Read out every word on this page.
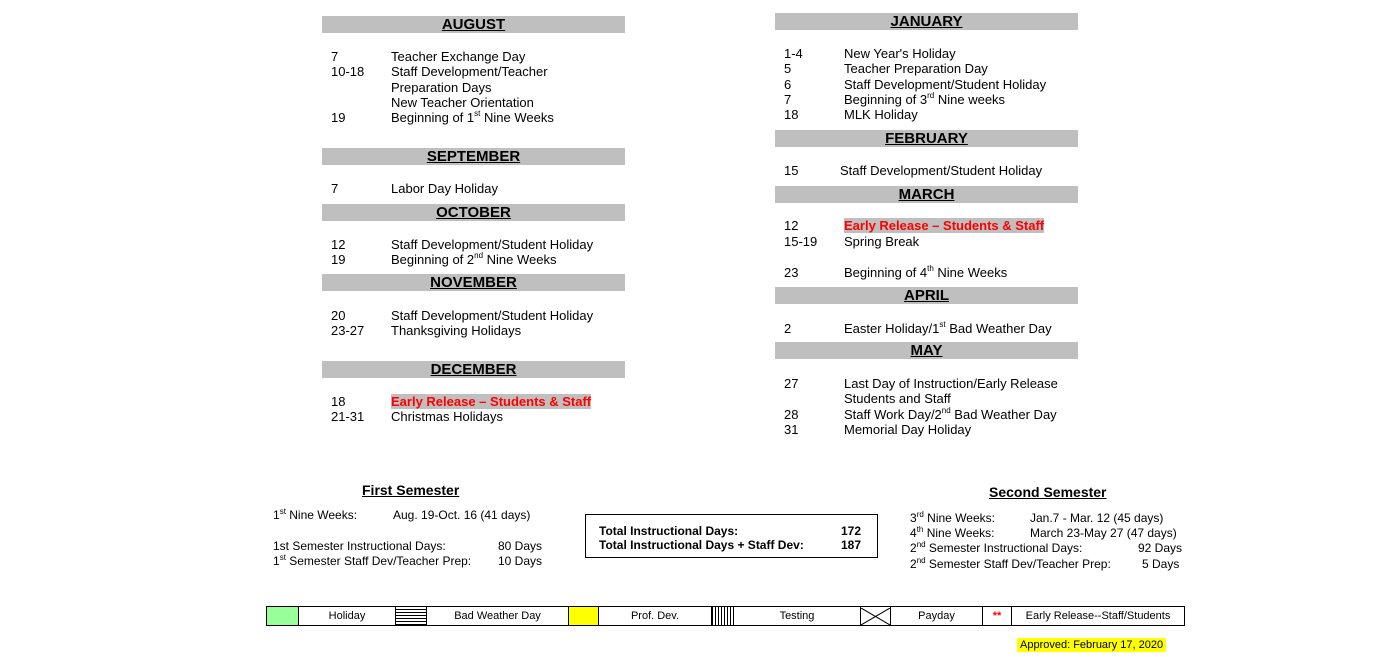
AUGUST
7	Teacher Exchange Day
10-18 Staff Development/Teacher
Preparation Days
New Teacher Orientation
19	Beginning of 1st Nine Weeks
SEPTEMBER
7	Labor Day Holiday
OCTOBER
12	Staff Development/Student Holiday
19	Beginning of 2nd Nine Weeks
NOVEMBER
20	Staff Development/Student Holiday
23-27 Thanksgiving Holidays
DECEMBER
18	Early Release – Students & Staff
21-31 Christmas Holidays
JANUARY
1-4	New Year's Holiday
5	Teacher Preparation Day
6	Staff Development/Student Holiday
7	Beginning of 3rd Nine weeks
18	MLK Holiday
FEBRUARY
15	Staff Development/Student Holiday
MARCH
12	Early Release – Students & Staff
15-19 Spring Break
23	Beginning of 4th Nine Weeks
APRIL
2	Easter Holiday/1st Bad Weather Day
MAY
27	Last Day of Instruction/Early Release
Students and Staff
28	Staff Work Day/2nd Bad Weather Day
31	Memorial Day Holiday
First Semester
1st Nine Weeks:	Aug. 19-Oct. 16 (41 days)
1st Semester Instructional Days:	80 Days
1st Semester Staff Dev/Teacher Prep: 10 Days
Total Instructional Days:	172
Total Instructional Days + Staff Dev:	187
Second Semester
3rd Nine Weeks:	Jan.7 - Mar. 12 (45 days)
4th Nine Weeks:	March 23-May 27 (47 days)
2nd Semester Instructional Days:	92 Days
2nd Semester Staff Dev/Teacher Prep:	5 Days
Holiday	Bad Weather Day	Prof. Dev.	Testing	Payday	**	Early Release--Staff/Students
Approved: February 17, 2020
